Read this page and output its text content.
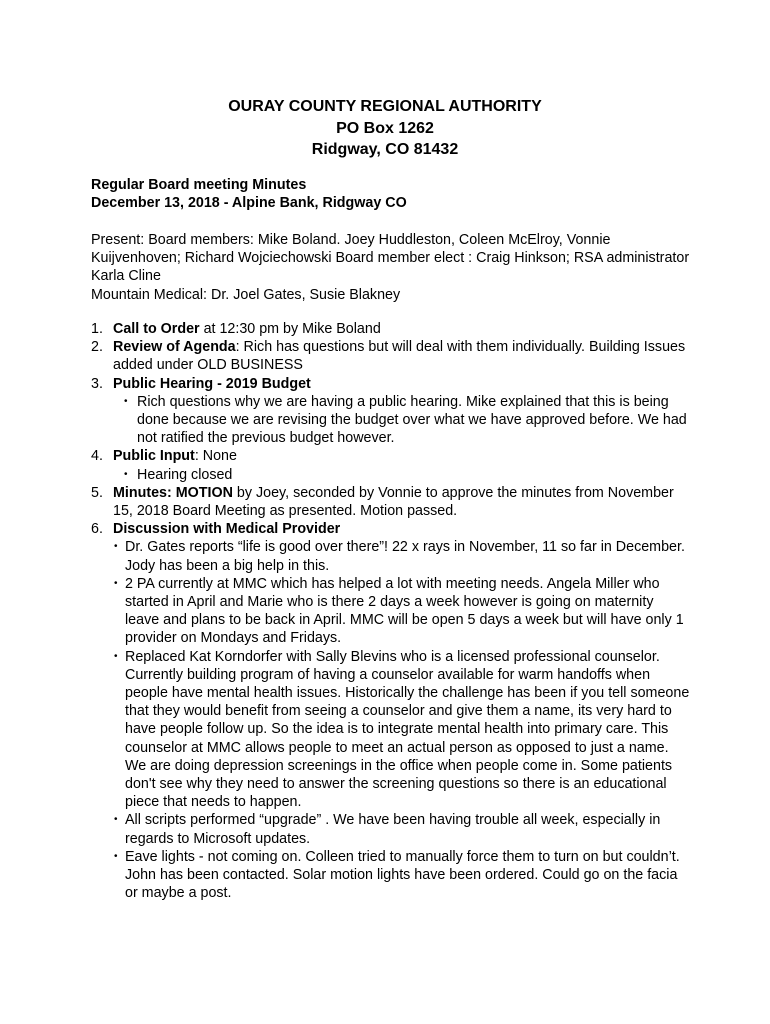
OURAY COUNTY REGIONAL AUTHORITY
PO Box 1262
Ridgway, CO 81432
Regular Board meeting Minutes
December 13, 2018 - Alpine Bank, Ridgway CO

Present: Board members: Mike Boland. Joey Huddleston, Coleen McElroy, Vonnie Kuijvenhoven; Richard Wojciechowski Board member elect : Craig Hinkson; RSA administrator Karla Cline

Mountain Medical: Dr. Joel Gates, Susie Blakney

1. Call to Order at 12:30 pm by Mike Boland
2. Review of Agenda: Rich has questions but will deal with them individually. Building Issues added under OLD BUSINESS
3. Public Hearing - 2019 Budget
• Rich questions why we are having a public hearing. Mike explained that this is being done because we are revising the budget over what we have approved before. We had not ratified the previous budget however.
4. Public Input: None
• Hearing closed
5. Minutes: MOTION by Joey, seconded by Vonnie to approve the minutes from November 15, 2018 Board Meeting as presented. Motion passed.
6. Discussion with Medical Provider
• Dr. Gates reports “life is good over there”! 22 x rays in November, 11 so far in December. Jody has been a big help in this.
• 2 PA currently at MMC which has helped a lot with meeting needs. Angela Miller who started in April and Marie who is there 2 days a week however is going on maternity leave and plans to be back in April. MMC will be open 5 days a week but will have only 1 provider on Mondays and Fridays.
• Replaced Kat Korndorfer with Sally Blevins who is a licensed professional counselor. Currently building program of having a counselor available for warm handoffs when people have mental health issues. Historically the challenge has been if you tell someone that they would benefit from seeing a counselor and give them a name, its very hard to have people follow up. So the idea is to integrate mental health into primary care. This counselor at MMC allows people to meet an actual person as opposed to just a name. We are doing depression screenings in the office when people come in. Some patients don't see why they need to answer the screening questions so there is an educational piece that needs to happen.
• All scripts performed “upgrade” . We have been having trouble all week, especially in regards to Microsoft updates.
• Eave lights - not coming on. Colleen tried to manually force them to turn on but couldn’t. John has been contacted. Solar motion lights have been ordered. Could go on the facia or maybe a post.
